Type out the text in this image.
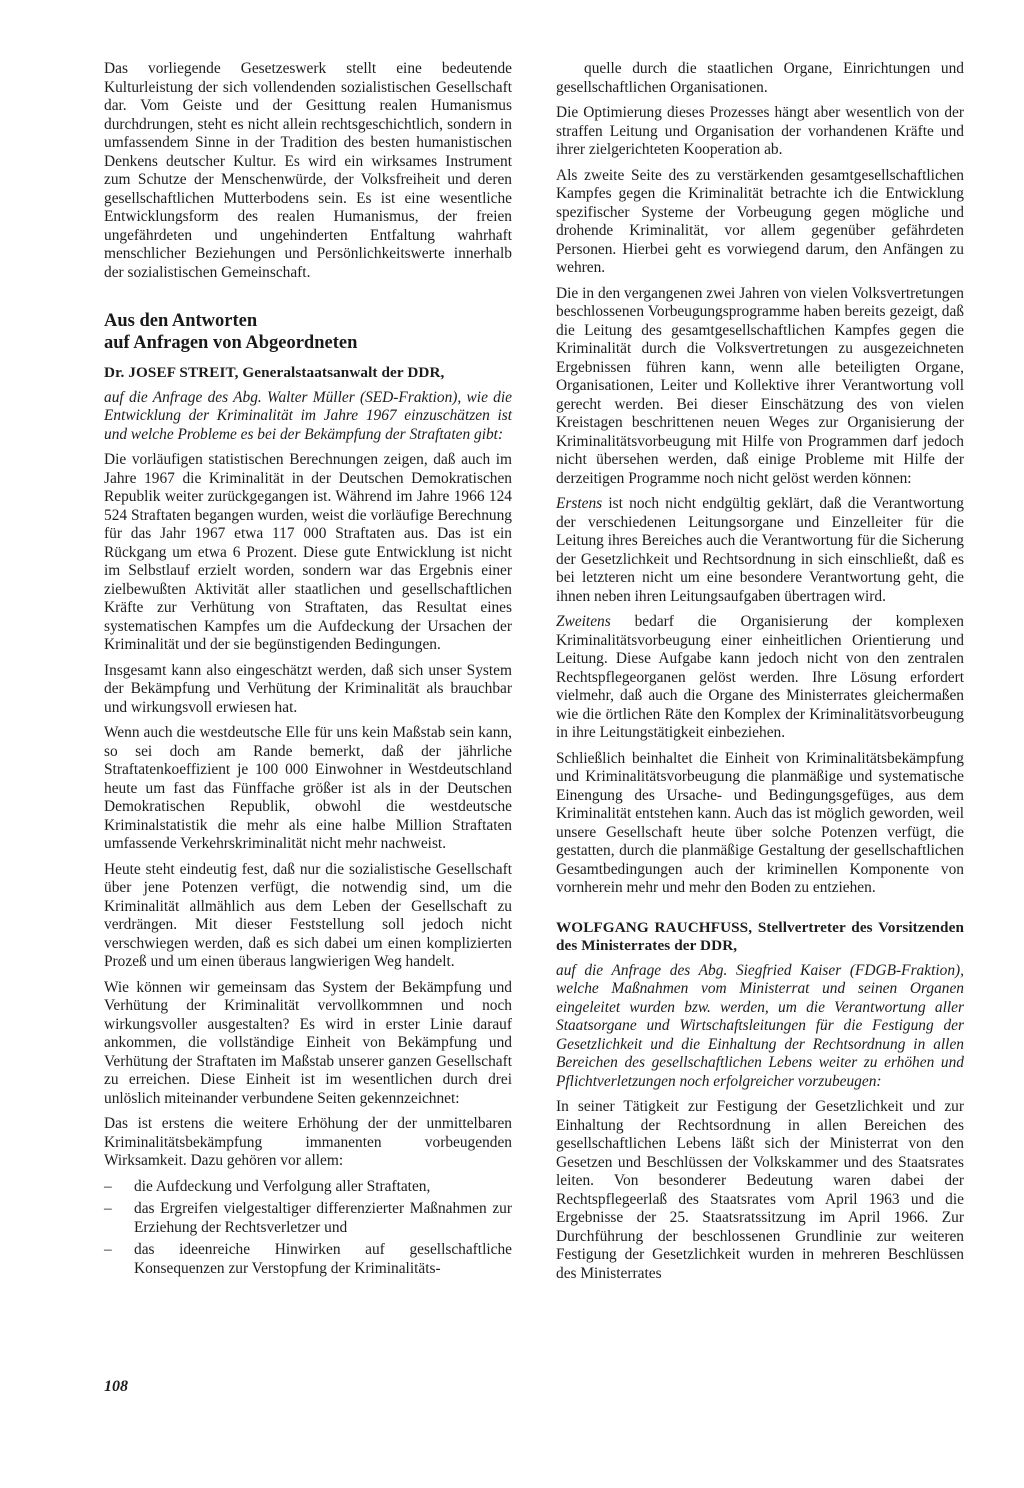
Das vorliegende Gesetzeswerk stellt eine bedeutende Kulturleistung der sich vollendenden sozialistischen Gesellschaft dar. Vom Geiste und der Gesittung realen Humanismus durchdrungen, steht es nicht allein rechtsgeschichtlich, sondern in umfassendem Sinne in der Tradition des besten humanistischen Denkens deutscher Kultur. Es wird ein wirksames Instrument zum Schutze der Menschenwürde, der Volksfreiheit und deren gesellschaftlichen Mutterbodens sein. Es ist eine wesentliche Entwicklungsform des realen Humanismus, der freien ungefährdeten und ungehinderten Entfaltung wahrhaft menschlicher Beziehungen und Persönlichkeitswerte innerhalb der sozialistischen Gemeinschaft.

Aus den Antworten
auf Anfragen von Abgeordneten

Dr. JOSEF STREIT, Generalstaatsanwalt der DDR,

auf die Anfrage des Abg. Walter Müller (SED-Fraktion), wie die Entwicklung der Kriminalität im Jahre 1967 einzuschätzen ist und welche Probleme es bei der Bekämpfung der Straftaten gibt:

Die vorläufigen statistischen Berechnungen zeigen, daß auch im Jahre 1967 die Kriminalität in der Deutschen Demokratischen Republik weiter zurückgegangen ist. Während im Jahre 1966 124 524 Straftaten begangen wurden, weist die vorläufige Berechnung für das Jahr 1967 etwa 117 000 Straftaten aus. Das ist ein Rückgang um etwa 6 Prozent. Diese gute Entwicklung ist nicht im Selbstlauf erzielt worden, sondern war das Ergebnis einer zielbewußten Aktivität aller staatlichen und gesellschaftlichen Kräfte zur Verhütung von Straftaten, das Resultat eines systematischen Kampfes um die Aufdeckung der Ursachen der Kriminalität und der sie begünstigenden Bedingungen.

Insgesamt kann also eingeschätzt werden, daß sich unser System der Bekämpfung und Verhütung der Kriminalität als brauchbar und wirkungsvoll erwiesen hat.

Wenn auch die westdeutsche Elle für uns kein Maßstab sein kann, so sei doch am Rande bemerkt, daß der jährliche Straftatenkoeffizient je 100 000 Einwohner in Westdeutschland heute um fast das Fünffache größer ist als in der Deutschen Demokratischen Republik, obwohl die westdeutsche Kriminalstatistik die mehr als eine halbe Million Straftaten umfassende Verkehrskriminalität nicht mehr nachweist.

Heute steht eindeutig fest, daß nur die sozialistische Gesellschaft über jene Potenzen verfügt, die notwendig sind, um die Kriminalität allmählich aus dem Leben der Gesellschaft zu verdrängen. Mit dieser Feststellung soll jedoch nicht verschwiegen werden, daß es sich dabei um einen komplizierten Prozeß und um einen überaus langwierigen Weg handelt.

Wie können wir gemeinsam das System der Bekämpfung und Verhütung der Kriminalität vervollkommnen und noch wirkungsvoller ausgestalten? Es wird in erster Linie darauf ankommen, die vollständige Einheit von Bekämpfung und Verhütung der Straftaten im Maßstab unserer ganzen Gesellschaft zu erreichen. Diese Einheit ist im wesentlichen durch drei unlöslich miteinander verbundene Seiten gekennzeichnet:

Das ist erstens die weitere Erhöhung der der unmittelbaren Kriminalitätsbekämpfung immanenten vorbeugenden Wirksamkeit. Dazu gehören vor allem:

– die Aufdeckung und Verfolgung aller Straftaten,
– das Ergreifen vielgestaltiger differenzierter Maßnahmen zur Erziehung der Rechtsverletzer und
– das ideenreiche Hinwirken auf gesellschaftliche Konsequenzen zur Verstopfung der Kriminalitäts-

quelle durch die staatlichen Organe, Einrichtungen und gesellschaftlichen Organisationen.

Die Optimierung dieses Prozesses hängt aber wesentlich von der straffen Leitung und Organisation der vorhandenen Kräfte und ihrer zielgerichteten Kooperation ab.

Als zweite Seite des zu verstärkenden gesamtgesellschaftlichen Kampfes gegen die Kriminalität betrachte ich die Entwicklung spezifischer Systeme der Vorbeugung gegen mögliche und drohende Kriminalität, vor allem gegenüber gefährdeten Personen. Hierbei geht es vorwiegend darum, den Anfängen zu wehren.

Die in den vergangenen zwei Jahren von vielen Volksvertretungen beschlossenen Vorbeugungsprogramme haben bereits gezeigt, daß die Leitung des gesamtgesellschaftlichen Kampfes gegen die Kriminalität durch die Volksvertretungen zu ausgezeichneten Ergebnissen führen kann, wenn alle beteiligten Organe, Organisationen, Leiter und Kollektive ihrer Verantwortung voll gerecht werden. Bei dieser Einschätzung des von vielen Kreistagen beschrittenen neuen Weges zur Organisierung der Kriminalitätsvorbeugung mit Hilfe von Programmen darf jedoch nicht übersehen werden, daß einige Probleme mit Hilfe der derzeitigen Programme noch nicht gelöst werden können:

Erstens ist noch nicht endgültig geklärt, daß die Verantwortung der verschiedenen Leitungsorgane und Einzelleiter für die Leitung ihres Bereiches auch die Verantwortung für die Sicherung der Gesetzlichkeit und Rechtsordnung in sich einschließt, daß es bei letzteren nicht um eine besondere Verantwortung geht, die ihnen neben ihren Leitungsaufgaben übertragen wird.

Zweitens bedarf die Organisierung der komplexen Kriminalitätsvorbeugung einer einheitlichen Orientierung und Leitung. Diese Aufgabe kann jedoch nicht von den zentralen Rechtspflegeorganen gelöst werden. Ihre Lösung erfordert vielmehr, daß auch die Organe des Ministerrates gleichermaßen wie die örtlichen Räte den Komplex der Kriminalitätsvorbeugung in ihre Leitungstätigkeit einbeziehen.

Schließlich beinhaltet die Einheit von Kriminalitätsbekämpfung und Kriminalitätsvorbeugung die planmäßige und systematische Einengung des Ursache- und Bedingungsgefüges, aus dem Kriminalität entstehen kann. Auch das ist möglich geworden, weil unsere Gesellschaft heute über solche Potenzen verfügt, die gestatten, durch die planmäßige Gestaltung der gesellschaftlichen Gesamtbedingungen auch der kriminellen Komponente von vornherein mehr und mehr den Boden zu entziehen.

WOLFGANG RAUCHFUSS, Stellvertreter des Vorsitzenden des Ministerrates der DDR,

auf die Anfrage des Abg. Siegfried Kaiser (FDGB-Fraktion), welche Maßnahmen vom Ministerrat und seinen Organen eingeleitet wurden bzw. werden, um die Verantwortung aller Staatsorgane und Wirtschaftsleitungen für die Festigung der Gesetzlichkeit und die Einhaltung der Rechtsordnung in allen Bereichen des gesellschaftlichen Lebens weiter zu erhöhen und Pflichtverletzungen noch erfolgreicher vorzubeugen:

In seiner Tätigkeit zur Festigung der Gesetzlichkeit und zur Einhaltung der Rechtsordnung in allen Bereichen des gesellschaftlichen Lebens läßt sich der Ministerrat von den Gesetzen und Beschlüssen der Volkskammer und des Staatsrates leiten. Von besonderer Bedeutung waren dabei der Rechtspflegeerlaß des Staatsrates vom April 1963 und die Ergebnisse der 25. Staatsratssitzung im April 1966. Zur Durchführung der beschlossenen Grundlinie zur weiteren Festigung der Gesetzlichkeit wurden in mehreren Beschlüssen des Ministerrates

108
